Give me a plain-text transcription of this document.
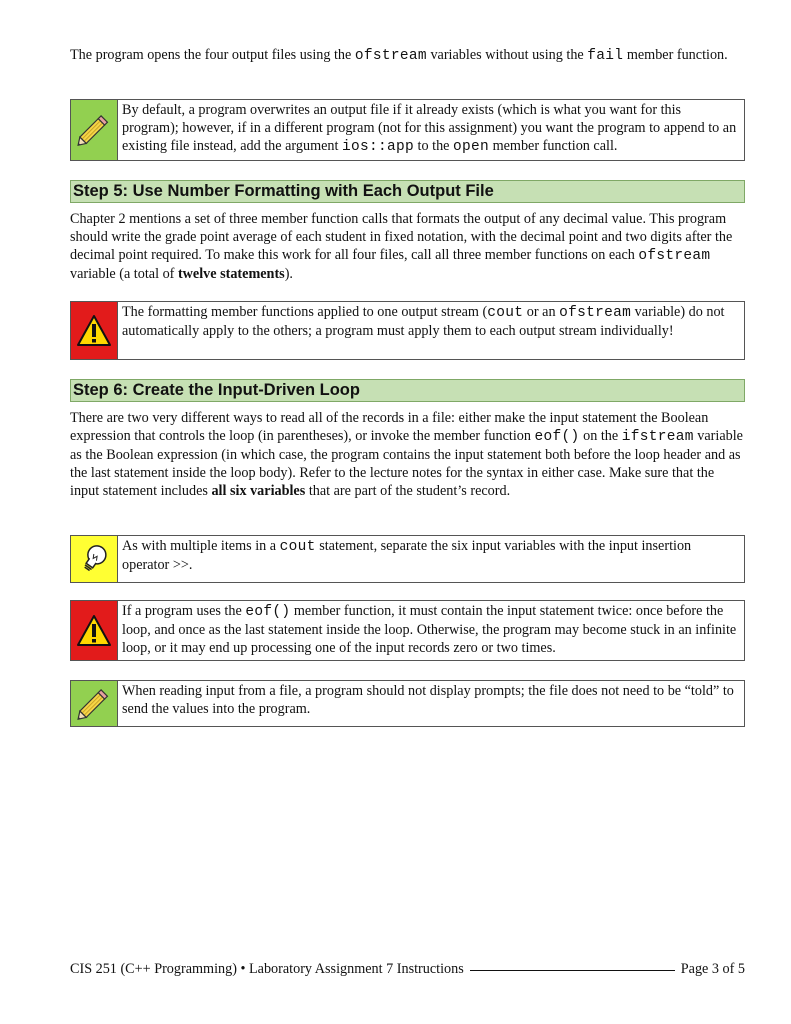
The program opens the four output files using the ofstream variables without using the fail member function.

By default, a program overwrites an output file if it already exists (which is what you want for this program); however, if in a different program (not for this assignment) you want the program to append to an existing file instead, add the argument ios::app to the open member function call.
Step 5: Use Number Formatting with Each Output File

Chapter 2 mentions a set of three member function calls that formats the output of any decimal value. This program should write the grade point average of each student in fixed notation, with the decimal point and two digits after the decimal point required. To make this work for all four files, call all three member functions on each ofstream variable (a total of twelve statements).

The formatting member functions applied to one output stream (cout or an ofstream variable) do not automatically apply to the others; a program must apply them to each output stream individually!
Step 6: Create the Input-Driven Loop

There are two very different ways to read all of the records in a file: either make the input statement the Boolean expression that controls the loop (in parentheses), or invoke the member function eof() on the ifstream variable as the Boolean expression (in which case, the program contains the input statement both before the loop header and as the last statement inside the loop body). Refer to the lecture notes for the syntax in either case. Make sure that the input statement includes all six variables that are part of the student’s record.

As with multiple items in a cout statement, separate the six input variables with the input insertion operator >>.
If a program uses the eof() member function, it must contain the input statement twice: once before the loop, and once as the last statement inside the loop. Otherwise, the program may become stuck in an infinite loop, or it may end up processing one of the input records zero or two times.
When reading input from a file, a program should not display prompts; the file does not need to be “told” to send the values into the program.
CIS 251 (C++ Programming) • Laboratory Assignment 7 Instructions	Page 3 of 5
